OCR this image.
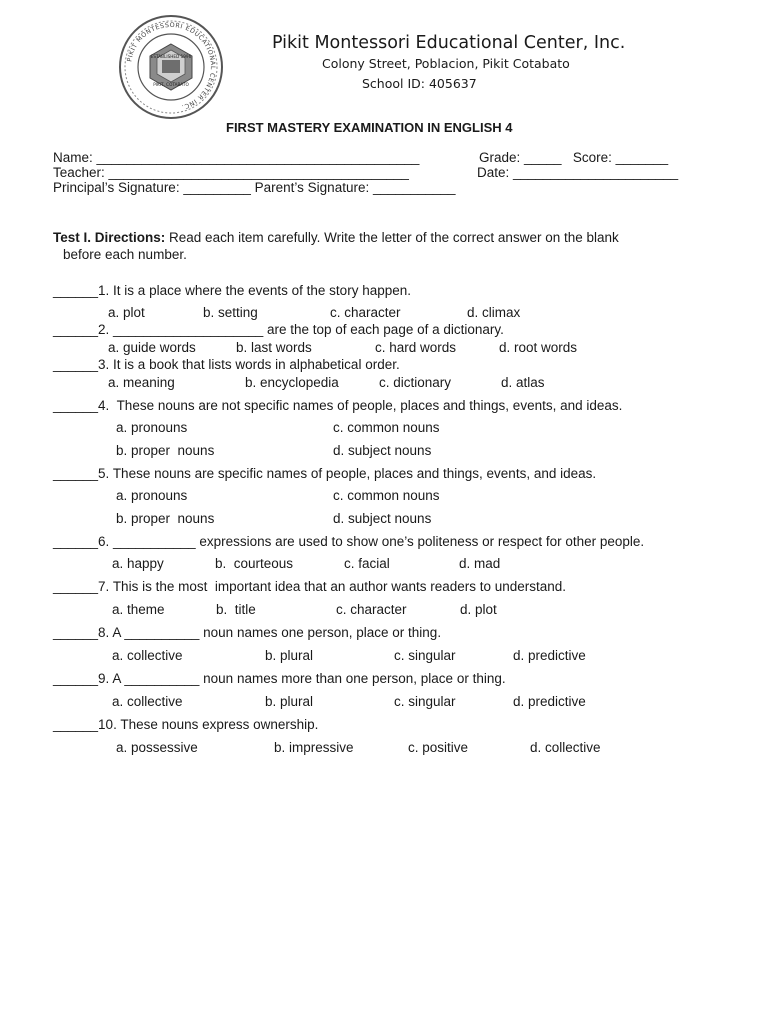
PIKIT MONTESSORI EDUCATIONAL CENTER INC.
ESTABLISHED 1996
PIKIT, COTABATO
Pikit Montessori Educational Center, Inc.
Colony Street, Poblacion, Pikit Cotabato
School ID: 405637
FIRST MASTERY EXAMINATION IN ENGLISH 4
Name: ___________________________________________	Grade: _____   Score: _______
Teacher: ________________________________________	Date: ______________________
Principal’s Signature: _________ Parent’s Signature: ___________
Test I. Directions: Read each item carefully. Write the letter of the correct answer on the blank
before each number.
______1. It is a place where the events of the story happen.
a. plot	b. setting	c. character	d. climax
______2. ____________________ are the top of each page of a dictionary.
a. guide words	b. last words	c. hard words	d. root words
______3. It is a book that lists words in alphabetical order.
a. meaning	b. encyclopedia	c. dictionary	d. atlas
______4.  These nouns are not specific names of people, places and things, events, and ideas.
a. pronouns	c. common nouns
b. proper  nouns	d. subject nouns
______5. These nouns are specific names of people, places and things, events, and ideas.
a. pronouns	c. common nouns
b. proper  nouns	d. subject nouns
______6. ___________ expressions are used to show one’s politeness or respect for other people.
a. happy	b.  courteous	c. facial	d. mad
______7. This is the most  important idea that an author wants readers to understand.
a. theme	b.  title	c. character	d. plot
______8. A __________ noun names one person, place or thing.
a. collective	b. plural	c. singular	d. predictive
______9. A __________ noun names more than one person, place or thing.
a. collective	b. plural	c. singular	d. predictive
______10. These nouns express ownership.
a. possessive	b. impressive	c. positive	d. collective
